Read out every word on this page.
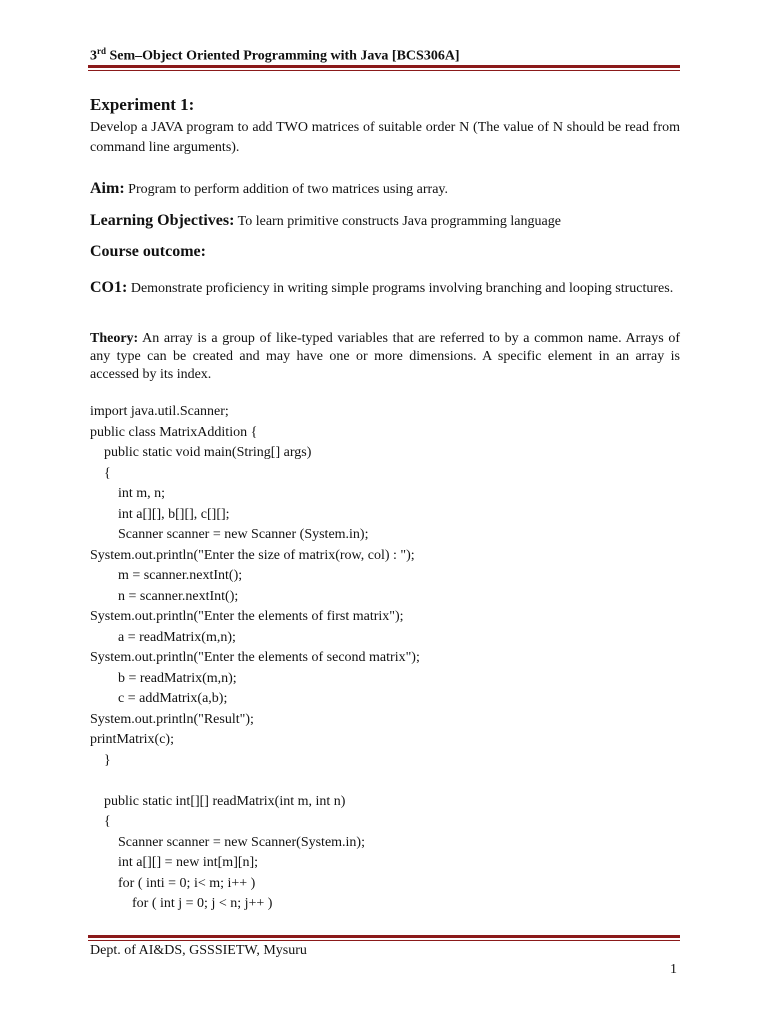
3rd Sem–Object Oriented Programming with Java [BCS306A]
Experiment 1:
Develop a JAVA program to add TWO matrices of suitable order N (The value of N should be read from command line arguments).
Aim: Program to perform addition of two matrices using array.
Learning Objectives: To learn primitive constructs Java programming language
Course outcome:
CO1: Demonstrate proficiency in writing simple programs involving branching and looping structures.
Theory: An array is a group of like-typed variables that are referred to by a common name. Arrays of any type can be created and may have one or more dimensions. A specific element in an array is accessed by its index.
import java.util.Scanner;
public class MatrixAddition {
public static void main(String[] args)
{
int m, n;
int a[][], b[][], c[][];
Scanner scanner = new Scanner (System.in);
System.out.println("Enter the size of matrix(row, col) : ");
m = scanner.nextInt();
n = scanner.nextInt();
System.out.println("Enter the elements of first matrix");
a = readMatrix(m,n);
System.out.println("Enter the elements of second matrix");
b = readMatrix(m,n);
c = addMatrix(a,b);
System.out.println("Result");
printMatrix(c);
}
public static int[][] readMatrix(int m, int n)
{
Scanner scanner = new Scanner(System.in);
int a[][] = new int[m][n];
for ( inti = 0; i< m; i++ )
for ( int j = 0; j < n; j++ )
Dept. of AI&DS, GSSSIETW, Mysuru
1
